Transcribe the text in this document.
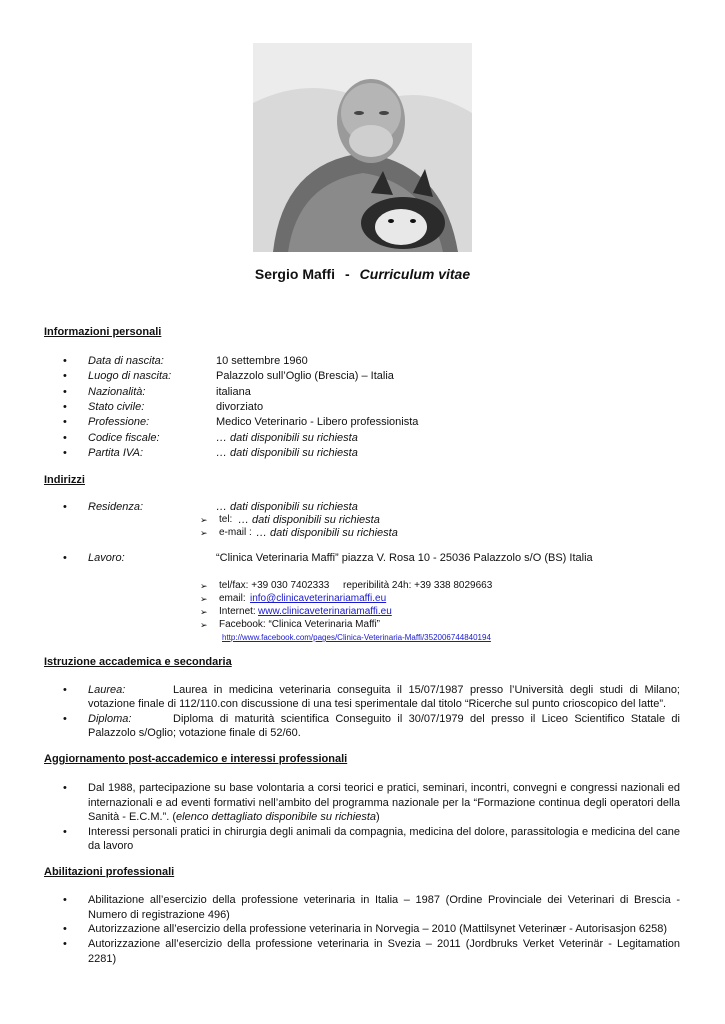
Sergio Maffi - Curriculum vitae
Informazioni personali
• Data di nascita:	10 settembre 1960
• Luogo di nascita:	Palazzolo sull’Oglio (Brescia) – Italia
• Nazionalità:	italiana
• Stato civile:	divorziato
• Professione:	Medico Veterinario - Libero professionista
• Codice fiscale:	… dati disponibili su richiesta
• Partita IVA:	… dati disponibili su richiesta
Indirizzi
• Residenza:	… dati disponibili su richiesta
➢ tel: … dati disponibili su richiesta
➢ e-mail : … dati disponibili su richiesta
• Lavoro:	“Clinica Veterinaria Maffi” piazza V. Rosa 10 - 25036 Palazzolo s/O (BS) Italia
➢ tel/fax: +39 030 7402333 reperibilità 24h: +39 338 8029663
➢ email: info@clinicaveterinariamaffi.eu
➢ Internet: www.clinicaveterinariamaffi.eu
➢ Facebook: “Clinica Veterinaria Maffi”
http://www.facebook.com/pages/Clinica-Veterinaria-Maffi/352006744840194
Istruzione accademica e secondaria
• Laurea:	Laurea in medicina veterinaria conseguita il 15/07/1987 presso l’Università degli studi di Milano;
votazione finale di 112/110.con discussione di una tesi sperimentale dal titolo “Ricerche sul punto crioscopico del latte”.
• Diploma:	Diploma di maturità scientifica Conseguito il 30/07/1979 del presso il Liceo Scientifico Statale di
Palazzolo s/Oglio; votazione finale di 52/60.
Aggiornamento post-accademico e interessi professionali
• Dal 1988, partecipazione su base volontaria a corsi teorici e pratici, seminari, incontri, convegni e congressi nazionali ed
internazionali e ad eventi formativi nell’ambito del programma nazionale per la “Formazione continua degli operatori della
Sanità - E.C.M.”. (elenco dettagliato disponibile su richiesta)
• Interessi personali pratici in chirurgia degli animali da compagnia, medicina del dolore, parassitologia e medicina del cane
da lavoro
Abilitazioni professionali
• Abilitazione all’esercizio della professione veterinaria in Italia – 1987 (Ordine Provinciale dei Veterinari di Brescia -
Numero di registrazione 496)
• Autorizzazione all’esercizio della professione veterinaria in Norvegia – 2010 (Mattilsynet Veterinær - Autorisasjon 6258)
• Autorizzazione all’esercizio della professione veterinaria in Svezia – 2011 (Jordbruks Verket Veterinär - Legitamation
2281)
